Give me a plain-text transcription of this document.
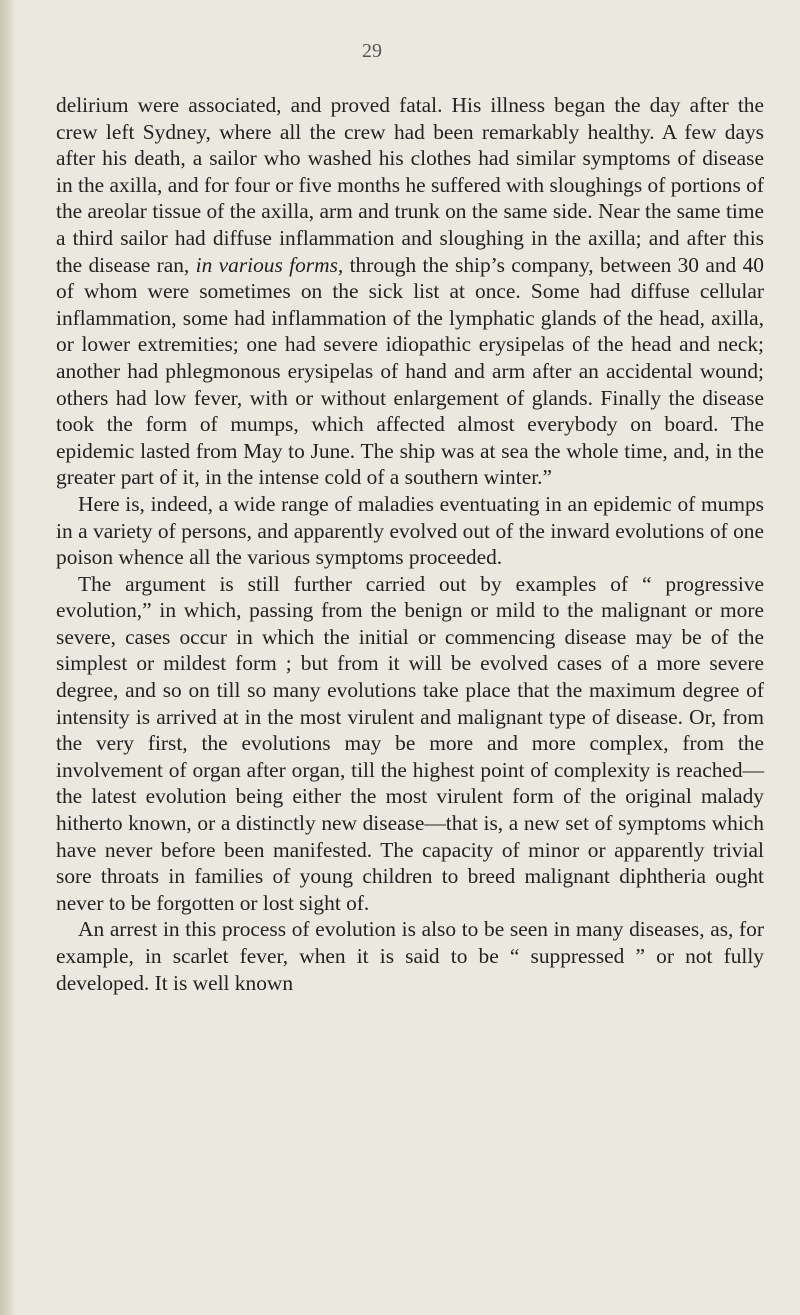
29

delirium were associated, and proved fatal. His illness began the day after the crew left Sydney, where all the crew had been remarkably healthy. A few days after his death, a sailor who washed his clothes had similar symptoms of disease in the axilla, and for four or five months he suffered with sloughings of portions of the areolar tissue of the axilla, arm and trunk on the same side. Near the same time a third sailor had diffuse inflammation and sloughing in the axilla; and after this the disease ran, in various forms, through the ship’s company, between 30 and 40 of whom were sometimes on the sick list at once. Some had diffuse cellular inflammation, some had inflammation of the lymphatic glands of the head, axilla, or lower extremities; one had severe idiopathic erysipelas of the head and neck; another had phlegmonous erysipelas of hand and arm after an accidental wound; others had low fever, with or without enlargement of glands. Finally the disease took the form of mumps, which affected almost everybody on board. The epidemic lasted from May to June. The ship was at sea the whole time, and, in the greater part of it, in the intense cold of a southern winter.”

Here is, indeed, a wide range of maladies eventuating in an epidemic of mumps in a variety of persons, and apparently evolved out of the inward evolutions of one poison whence all the various symptoms proceeded.

The argument is still further carried out by examples of “ progressive evolution,” in which, passing from the benign or mild to the malignant or more severe, cases occur in which the initial or commencing disease may be of the simplest or mildest form ; but from it will be evolved cases of a more severe degree, and so on till so many evolutions take place that the maximum degree of intensity is arrived at in the most virulent and malignant type of disease. Or, from the very first, the evolutions may be more and more complex, from the involvement of organ after organ, till the highest point of complexity is reached—the latest evolution being either the most virulent form of the original malady hitherto known, or a distinctly new disease—that is, a new set of symptoms which have never before been manifested. The capacity of minor or apparently trivial sore throats in families of young children to breed malignant diphtheria ought never to be forgotten or lost sight of.

An arrest in this process of evolution is also to be seen in many diseases, as, for example, in scarlet fever, when it is said to be “ suppressed ” or not fully developed. It is well known
